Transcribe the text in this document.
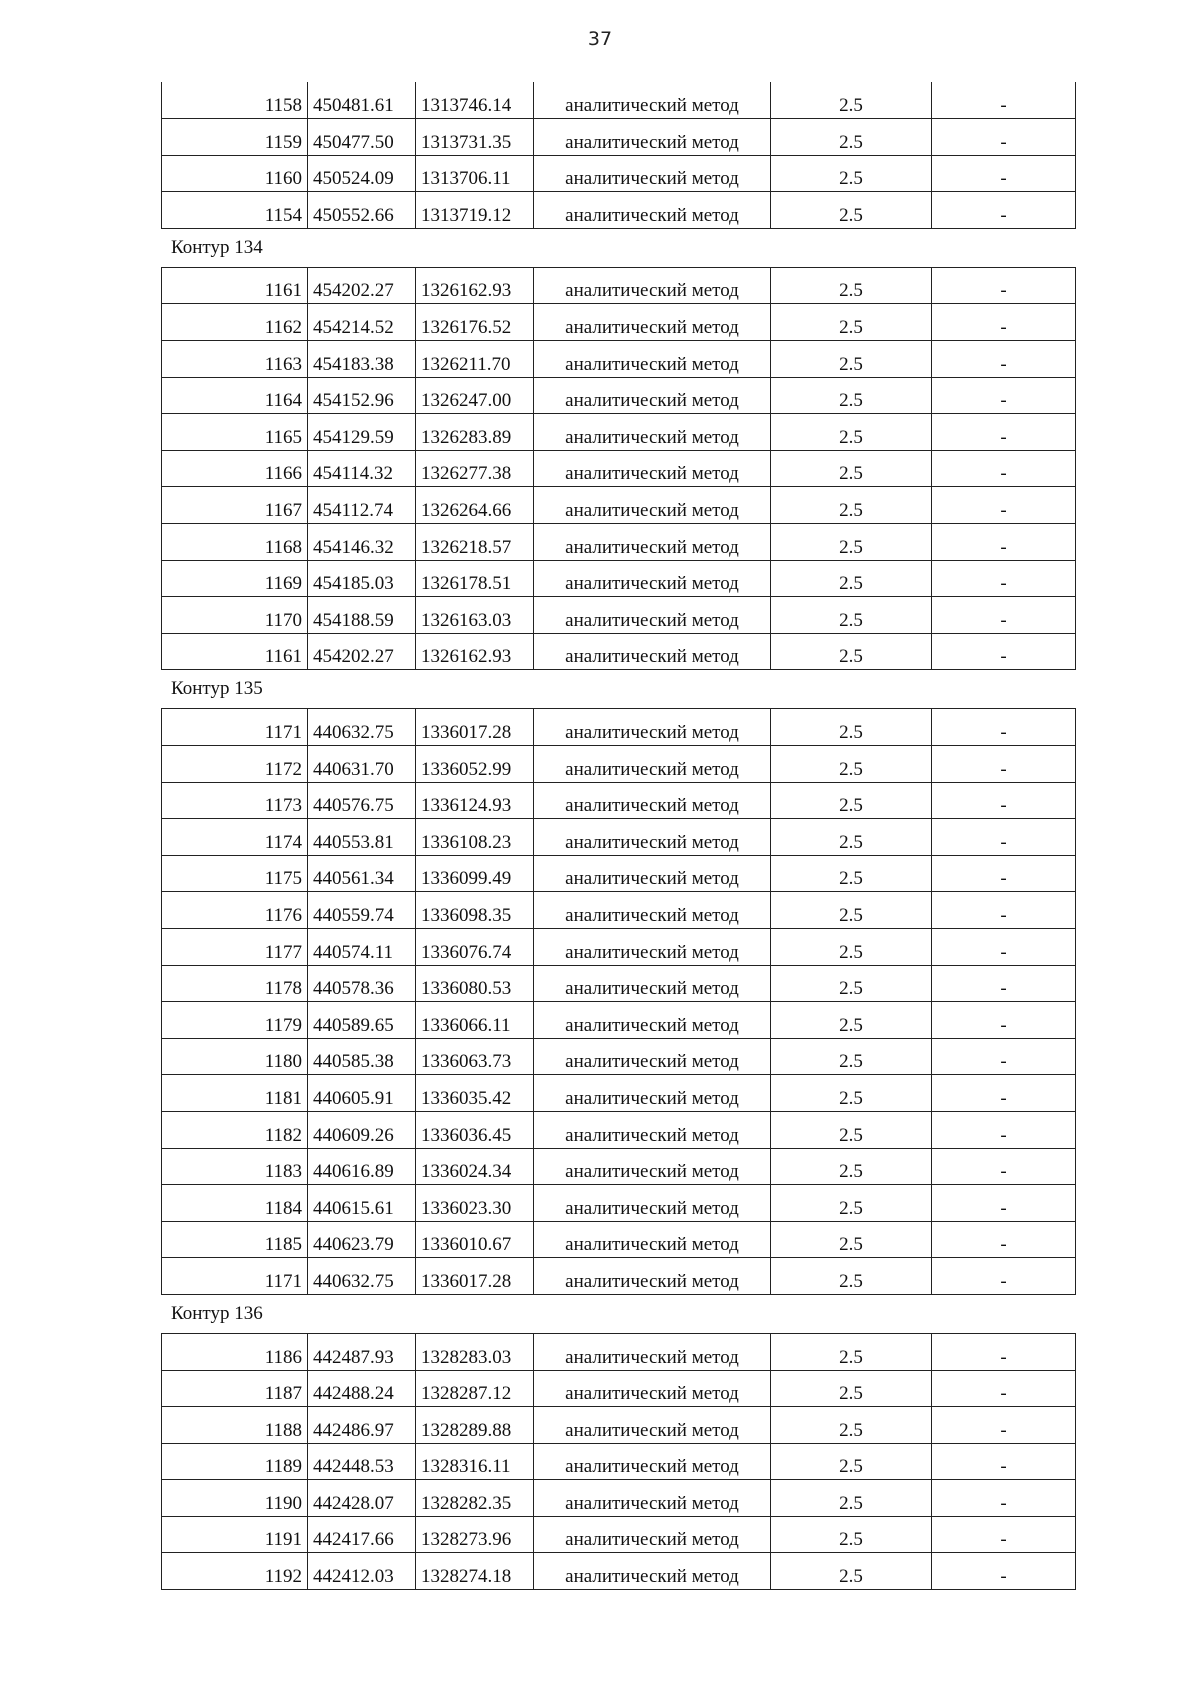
37
1158	450481.61	1313746.14	аналитический метод	2.5	-
1159	450477.50	1313731.35	аналитический метод	2.5	-
1160	450524.09	1313706.11	аналитический метод	2.5	-
1154	450552.66	1313719.12	аналитический метод	2.5	-
Контур 134
1161	454202.27	1326162.93	аналитический метод	2.5	-
1162	454214.52	1326176.52	аналитический метод	2.5	-
1163	454183.38	1326211.70	аналитический метод	2.5	-
1164	454152.96	1326247.00	аналитический метод	2.5	-
1165	454129.59	1326283.89	аналитический метод	2.5	-
1166	454114.32	1326277.38	аналитический метод	2.5	-
1167	454112.74	1326264.66	аналитический метод	2.5	-
1168	454146.32	1326218.57	аналитический метод	2.5	-
1169	454185.03	1326178.51	аналитический метод	2.5	-
1170	454188.59	1326163.03	аналитический метод	2.5	-
1161	454202.27	1326162.93	аналитический метод	2.5	-
Контур 135
1171	440632.75	1336017.28	аналитический метод	2.5	-
1172	440631.70	1336052.99	аналитический метод	2.5	-
1173	440576.75	1336124.93	аналитический метод	2.5	-
1174	440553.81	1336108.23	аналитический метод	2.5	-
1175	440561.34	1336099.49	аналитический метод	2.5	-
1176	440559.74	1336098.35	аналитический метод	2.5	-
1177	440574.11	1336076.74	аналитический метод	2.5	-
1178	440578.36	1336080.53	аналитический метод	2.5	-
1179	440589.65	1336066.11	аналитический метод	2.5	-
1180	440585.38	1336063.73	аналитический метод	2.5	-
1181	440605.91	1336035.42	аналитический метод	2.5	-
1182	440609.26	1336036.45	аналитический метод	2.5	-
1183	440616.89	1336024.34	аналитический метод	2.5	-
1184	440615.61	1336023.30	аналитический метод	2.5	-
1185	440623.79	1336010.67	аналитический метод	2.5	-
1171	440632.75	1336017.28	аналитический метод	2.5	-
Контур 136
1186	442487.93	1328283.03	аналитический метод	2.5	-
1187	442488.24	1328287.12	аналитический метод	2.5	-
1188	442486.97	1328289.88	аналитический метод	2.5	-
1189	442448.53	1328316.11	аналитический метод	2.5	-
1190	442428.07	1328282.35	аналитический метод	2.5	-
1191	442417.66	1328273.96	аналитический метод	2.5	-
1192	442412.03	1328274.18	аналитический метод	2.5	-
